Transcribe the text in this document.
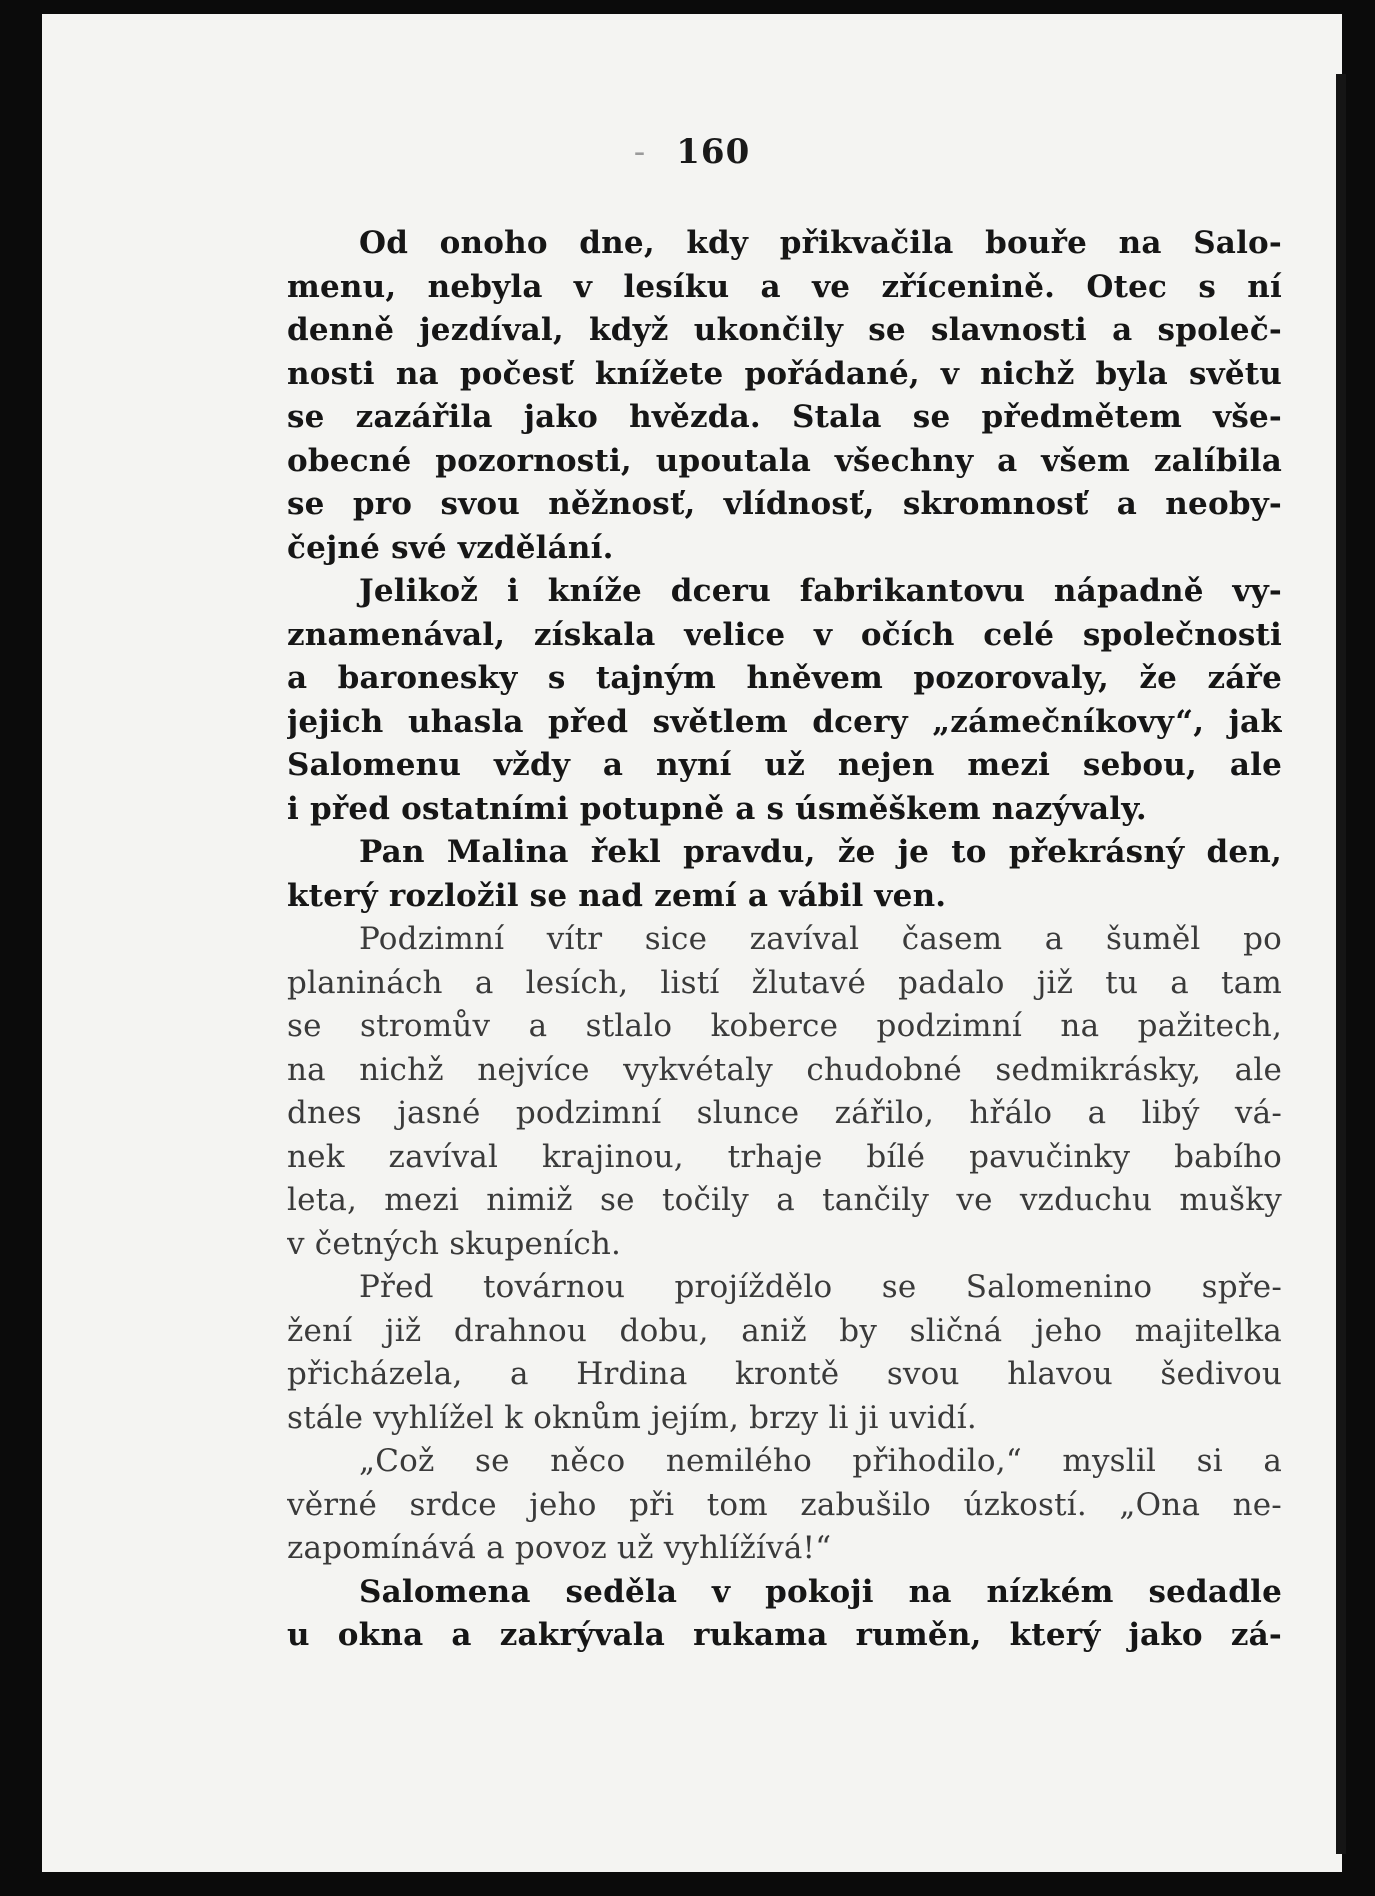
- 160
Od onoho dne, kdy přikvačila bouře na Salo-
menu, nebyla v lesíku a ve zřícenině. Otec s ní
denně jezdíval, když ukončily se slavnosti a společ-
nosti na počesť knížete pořádané, v nichž byla světu
se zazářila jako hvězda. Stala se předmětem vše-
obecné pozornosti, upoutala všechny a všem zalíbila
se pro svou něžnosť, vlídnosť, skromnosť a neoby-
čejné své vzdělání.
Jelikož i kníže dceru fabrikantovu nápadně vy-
znamenával, získala velice v očích celé společnosti
a baronesky s tajným hněvem pozorovaly, že záře
jejich uhasla před světlem dcery „zámečníkovy“, jak
Salomenu vždy a nyní už nejen mezi sebou, ale
i před ostatními potupně a s úsměškem nazývaly.
Pan Malina řekl pravdu, že je to překrásný den,
který rozložil se nad zemí a vábil ven.
Podzimní vítr sice zavíval časem a šuměl po
planinách a lesích, listí žlutavé padalo již tu a tam
se stromův a stlalo koberce podzimní na pažitech,
na nichž nejvíce vykvétaly chudobné sedmikrásky, ale
dnes jasné podzimní slunce zářilo, hřálo a libý vá-
nek zavíval krajinou, trhaje bílé pavučinky babího
leta, mezi nimiž se točily a tančily ve vzduchu mušky
v četných skupeních.
Před továrnou projíždělo se Salomenino spře-
žení již drahnou dobu, aniž by sličná jeho majitelka
přicházela, a Hrdina krontě svou hlavou šedivou
stále vyhlížel k oknům jejím, brzy li ji uvidí.
„Což se něco nemilého přihodilo,“ myslil si a
věrné srdce jeho při tom zabušilo úzkostí. „Ona ne-
zapomínává a povoz už vyhlížívá!“
Salomena seděla v pokoji na nízkém sedadle
u okna a zakrývala rukama ruměn, který jako zá-
